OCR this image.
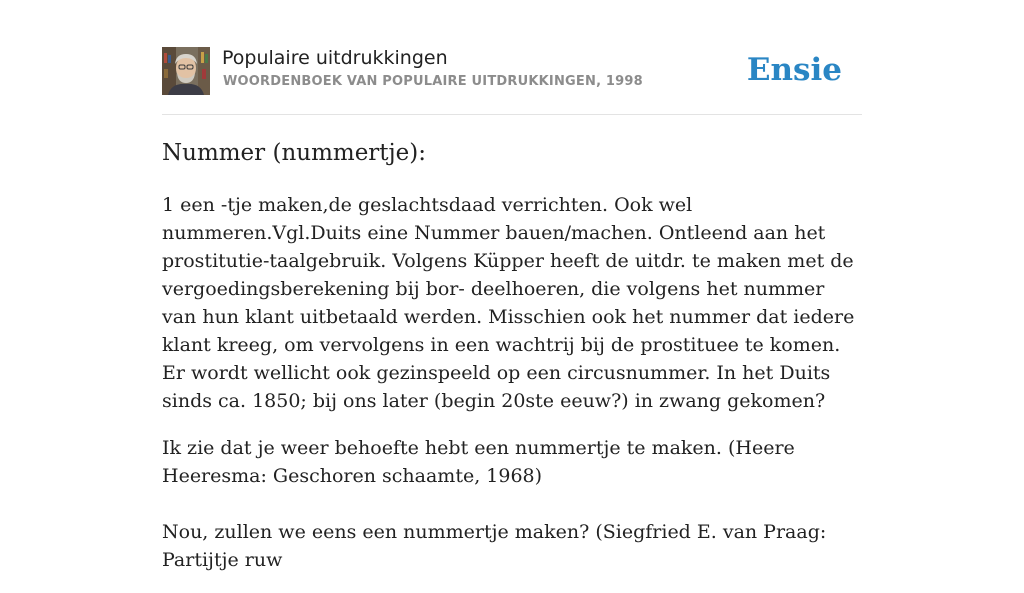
Populaire uitdrukkingen
WOORDENBOEK VAN POPULAIRE UITDRUKKINGEN, 1998	Ensie
Nummer (nummertje):

1 een -tje maken,de geslachtsdaad verrichten. Ook wel nummeren.Vgl.Duits eine Nummer bauen/machen. Ontleend aan het prostitutie-taalgebruik. Volgens Küpper heeft de uitdr. te maken met de vergoedingsberekening bij bor- deelhoeren, die volgens het nummer van hun klant uitbetaald werden. Misschien ook het nummer dat iedere klant kreeg, om vervolgens in een wachtrij bij de prostituee te komen. Er wordt wellicht ook gezinspeeld op een circusnummer. In het Duits sinds ca. 1850; bij ons later (begin 20ste eeuw?) in zwang gekomen?

Ik zie dat je weer behoefte hebt een nummertje te maken. (Heere Heeresma: Geschoren schaamte, 1968)

Nou, zullen we eens een nummertje maken? (Siegfried E. van Praag: Partijtje ruw
